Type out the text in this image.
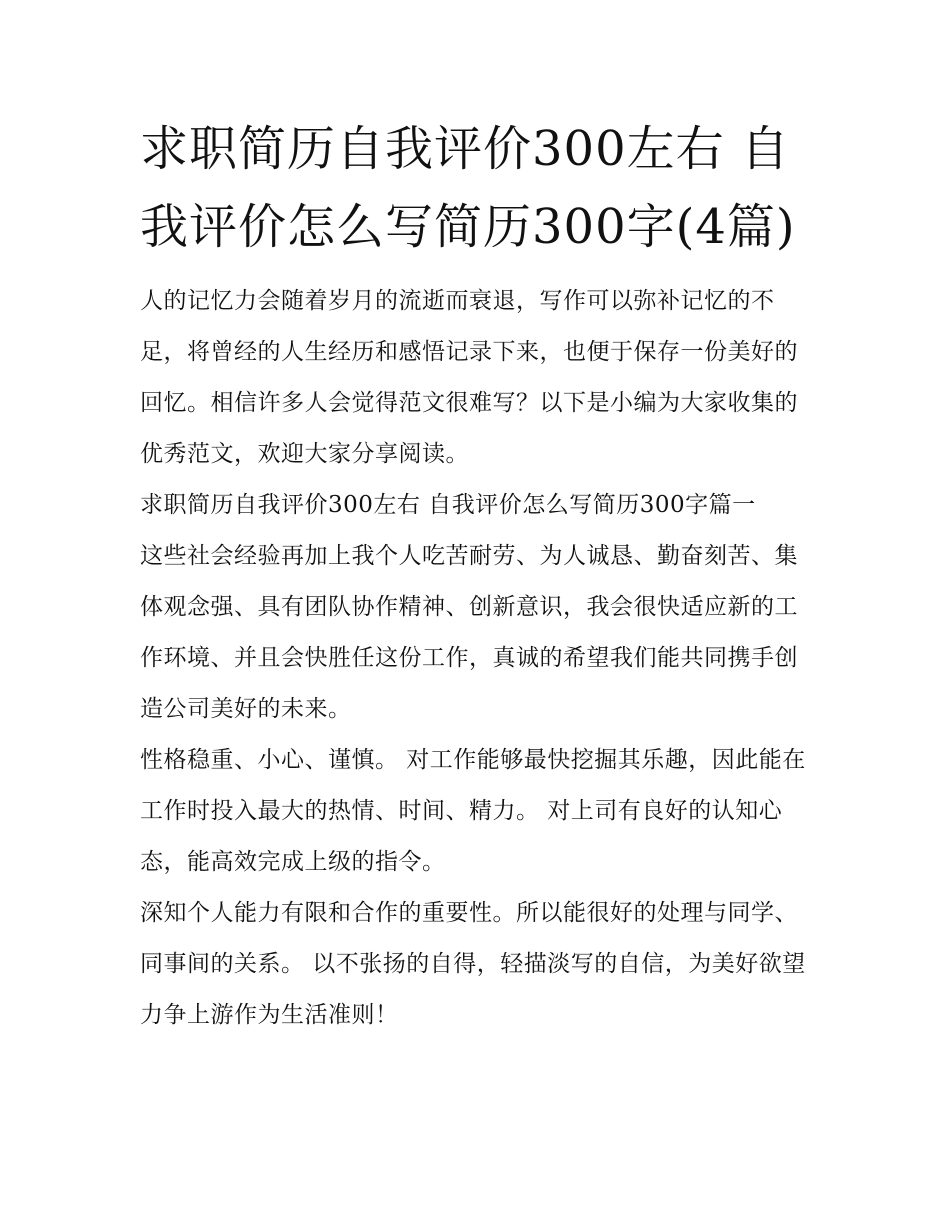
求职简历自我评价300左右 自我评价怎么写简历300字(4篇)

人的记忆力会随着岁月的流逝而衰退，写作可以弥补记忆的不足，将曾经的人生经历和感悟记录下来，也便于保存一份美好的回忆。相信许多人会觉得范文很难写？以下是小编为大家收集的优秀范文，欢迎大家分享阅读。

求职简历自我评价300左右 自我评价怎么写简历300字篇一

这些社会经验再加上我个人吃苦耐劳、为人诚恳、勤奋刻苦、集体观念强、具有团队协作精神、创新意识，我会很快适应新的工作环境、并且会快胜任这份工作，真诚的希望我们能共同携手创造公司美好的未来。

性格稳重、小心、谨慎。 对工作能够最快挖掘其乐趣，因此能在工作时投入最大的热情、时间、精力。 对上司有良好的认知心态，能高效完成上级的指令。

深知个人能力有限和合作的重要性。所以能很好的处理与同学、同事间的关系。 以不张扬的自得，轻描淡写的自信，为美好欲望力争上游作为生活准则！
